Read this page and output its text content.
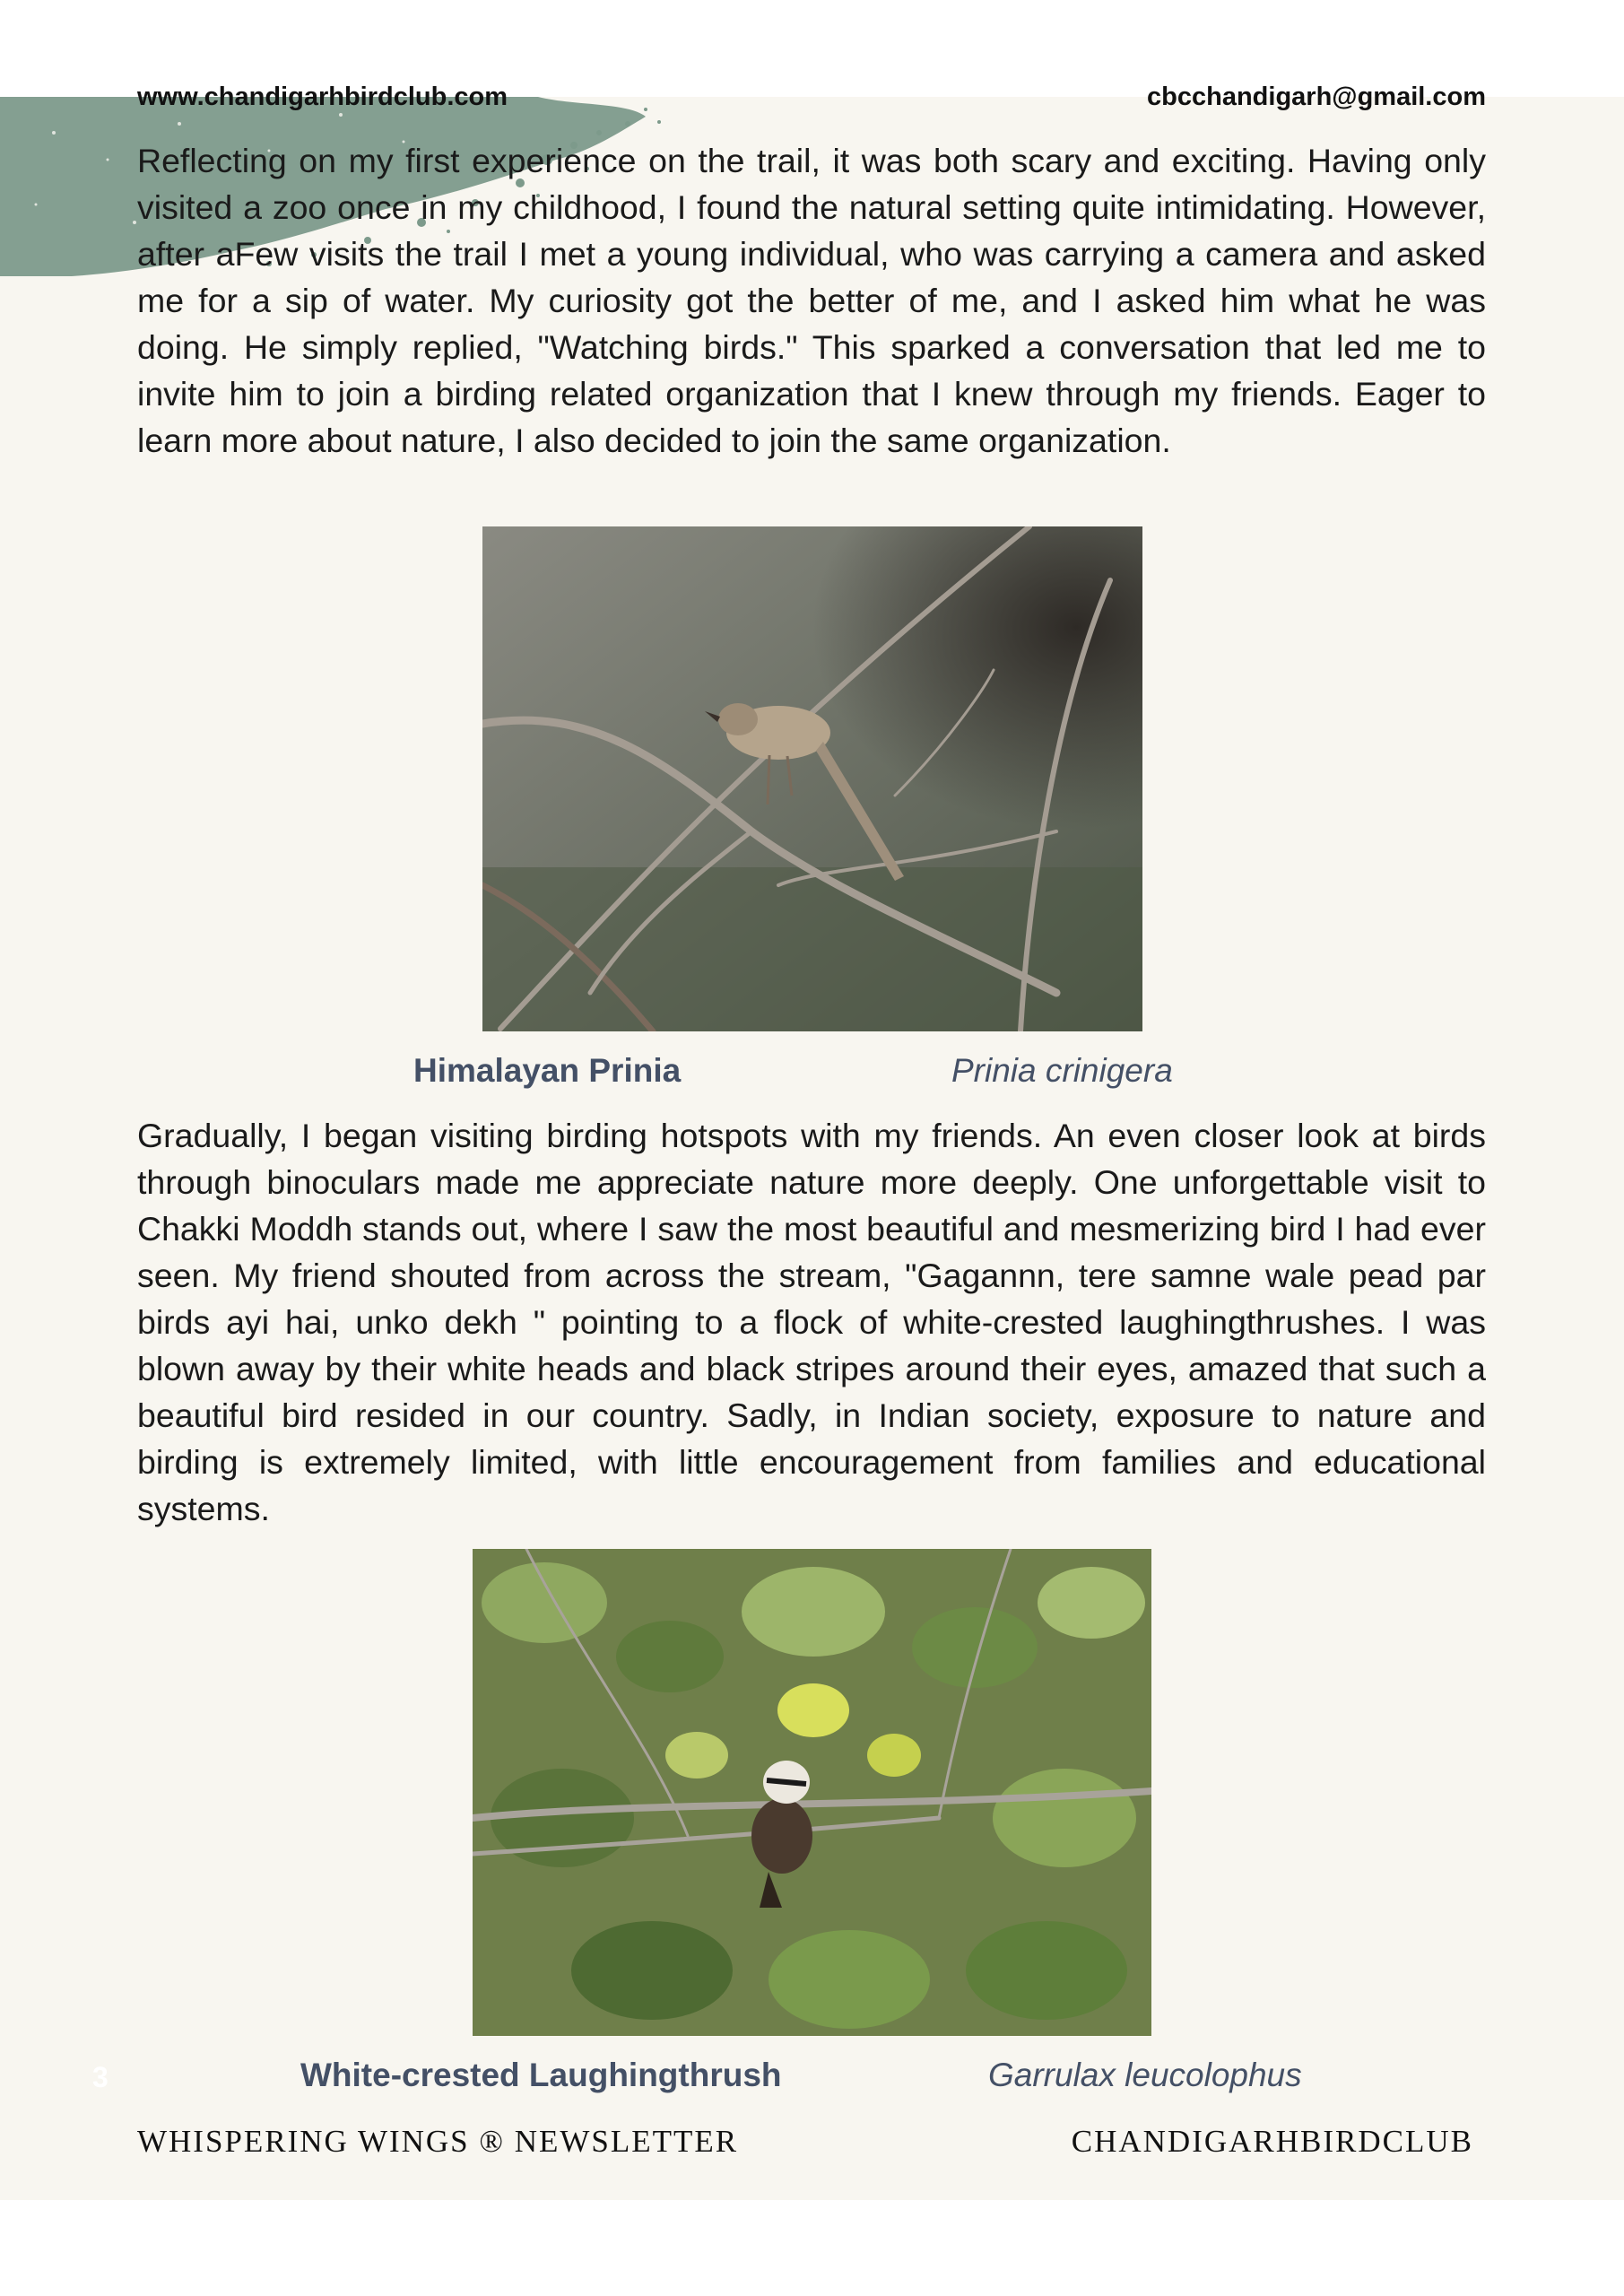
www.chandigarhbirdclub.com	cbcchandigarh@gmail.com

Reflecting on my first experience on the trail, it was both scary and exciting. Having only visited a zoo once in my childhood, I found the natural setting quite intimidating. However, after aFew visits the trail I met a young individual, who was carrying a camera and asked me for a sip of water. My curiosity got the better of me, and I asked him what he was doing. He simply replied, "Watching birds." This sparked a conversation that led me to invite him to join a birding related organization that I knew through my friends. Eager to learn more about nature, I also decided to join the same organization.

Himalayan Prinia	Prinia crinigera

Gradually, I began visiting birding hotspots with my friends. An even closer look at birds through binoculars made me appreciate nature more deeply. One unforgettable visit to Chakki Moddh stands out, where I saw the most beautiful and mesmerizing bird I had ever seen. My friend shouted from across the stream, "Gagannn, tere samne wale pead par birds ayi hai, unko dekh " pointing to a flock of white-crested laughingthrushes. I was blown away by their white heads and black stripes around their eyes, amazed that such a beautiful bird resided in our country. Sadly, in Indian society, exposure to nature and birding is extremely limited, with little encouragement from families and educational systems.

White-crested Laughingthrush	Garrulax leucolophus
3
WHISPERING WINGS ® NEWSLETTER	CHANDIGARHBIRDCLUB
